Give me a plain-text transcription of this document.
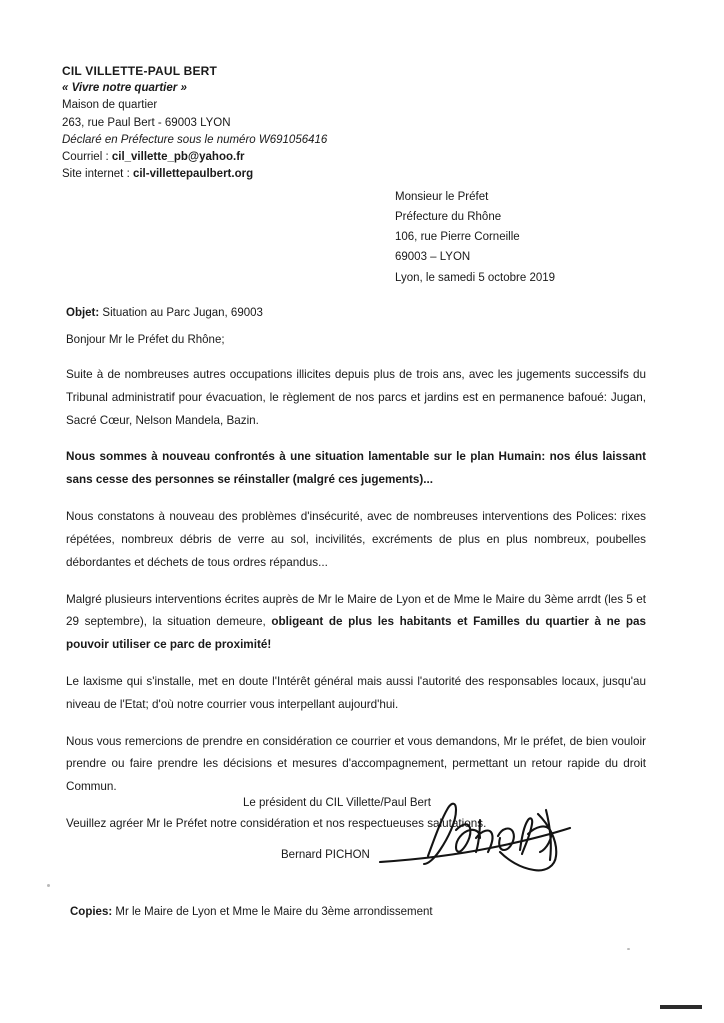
CIL VILLETTE-PAUL BERT
« Vivre notre quartier »
Maison de quartier
263, rue Paul Bert - 69003 LYON
Déclaré en Préfecture sous le numéro W691056416
Courriel : cil_villette_pb@yahoo.fr
Site internet : cil-villettepaulbert.org
Monsieur le Préfet
Préfecture du Rhône
106, rue Pierre Corneille
69003 – LYON
Lyon, le samedi 5 octobre 2019
Objet: Situation au Parc Jugan, 69003
Bonjour Mr le Préfet du Rhône;

Suite à de nombreuses autres occupations illicites depuis plus de trois ans, avec les jugements successifs du Tribunal administratif pour évacuation, le règlement de nos parcs et jardins est en permanence bafoué: Jugan, Sacré Cœur, Nelson Mandela, Bazin.

Nous sommes à nouveau confrontés à une situation lamentable sur le plan Humain: nos élus laissant sans cesse des personnes se réinstaller (malgré ces jugements)...

Nous constatons à nouveau des problèmes d'insécurité, avec de nombreuses interventions des Polices: rixes répétées, nombreux débris de verre au sol, incivilités, excréments de plus en plus nombreux, poubelles débordantes et déchets de tous ordres répandus...

Malgré plusieurs interventions écrites auprès de Mr le Maire de Lyon et de Mme le Maire du 3ème arrdt (les 5 et 29 septembre), la situation demeure, obligeant de plus les habitants et Familles du quartier à ne pas pouvoir utiliser ce parc de proximité!

Le laxisme qui s'installe, met en doute l'Intérêt général mais aussi l'autorité des responsables locaux, jusqu'au niveau de l'Etat; d'où notre courrier vous interpellant aujourd'hui.

Nous vous remercions de prendre en considération ce courrier et vous demandons, Mr le préfet, de bien vouloir prendre ou faire prendre les décisions et mesures d'accompagnement, permettant un retour rapide du droit Commun.

Veuillez agréer Mr le Préfet notre considération et nos respectueuses salutations.

Le président du CIL Villette/Paul Bert
Bernard PICHON
Copies: Mr le Maire de Lyon et Mme le Maire du 3ème arrondissement
